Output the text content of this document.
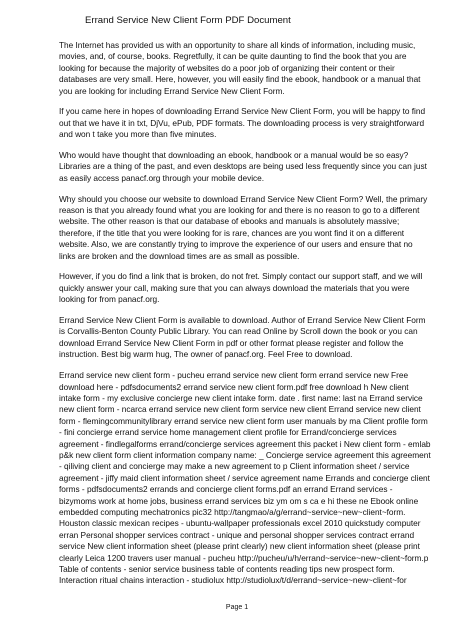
Errand Service New Client Form PDF Document

The Internet has provided us with an opportunity to share all kinds of information, including music, movies, and, of course, books. Regretfully, it can be quite daunting to find the book that you are looking for because the majority of websites do a poor job of organizing their content or their databases are very small. Here, however, you will easily find the ebook, handbook or a manual that you are looking for including Errand Service New Client Form.

If you came here in hopes of downloading Errand Service New Client Form, you will be happy to find out that we have it in txt, DjVu, ePub, PDF formats. The downloading process is very straightforward and won t take you more than five minutes.

Who would have thought that downloading an ebook, handbook or a manual would be so easy? Libraries are a thing of the past, and even desktops are being used less frequently since you can just as easily access panacf.org through your mobile device.

Why should you choose our website to download Errand Service New Client Form? Well, the primary reason is that you already found what you are looking for and there is no reason to go to a different website. The other reason is that our database of ebooks and manuals is absolutely massive; therefore, if the title that you were looking for is rare, chances are you wont find it on a different website. Also, we are constantly trying to improve the experience of our users and ensure that no links are broken and the download times are as small as possible.

However, if you do find a link that is broken, do not fret. Simply contact our support staff, and we will quickly answer your call, making sure that you can always download the materials that you were looking for from panacf.org.

Errand Service New Client Form is available to download. Author of Errand Service New Client Form is Corvallis-Benton County Public Library. You can read Online by Scroll down the book or you can download Errand Service New Client Form in pdf or other format please register and follow the instruction. Best big warm hug, The owner of panacf.org. Feel Free to download.

Errand service new client form - pucheu errand service new client form errand service new Free download here - pdfsdocuments2 errand service new client form.pdf free download h New client intake form - my exclusive concierge new client intake form. date . first name: last na Errand service new client form - ncarca errand service new client form service new client Errand service new client form - flemingcommunitylibrary errand service new client form user manuals by ma Client profile form - fini concierge errand service home management client profile for Errand/concierge services agreement - findlegalforms errand/concierge services agreement this packet i New client form - emlab p&k new client form client information company name: _ Concierge service agreement this agreement - qiliving client and concierge may make a new agreement to p Client information sheet / service agreement - jiffy maid client information sheet / service agreement name Errands and concierge client forms - pdfsdocuments2 errands and concierge client forms.pdf an errand Errand services - bizymoms work at home jobs, business errand services biz ym om s ca e hi these ne Ebook online embedded computing mechatronics pic32 http://tangmao/a/g/errand~service~new~client~form. Houston classic mexican recipes - ubuntu-wallpaper professionals excel 2010 quickstudy computer erran Personal shopper services contract - unique and personal shopper services contract errand service New client information sheet (please print clearly) new client information sheet (please print clearly Leica 1200 travers user manual - pucheu http://pucheu/u/h/errand~service~new~client~form.p Table of contents - senior service business table of contents reading tips new prospect form. Interaction ritual chains interaction - studiolux http://studiolux/t/d/errand~service~new~client~for

Page 1
